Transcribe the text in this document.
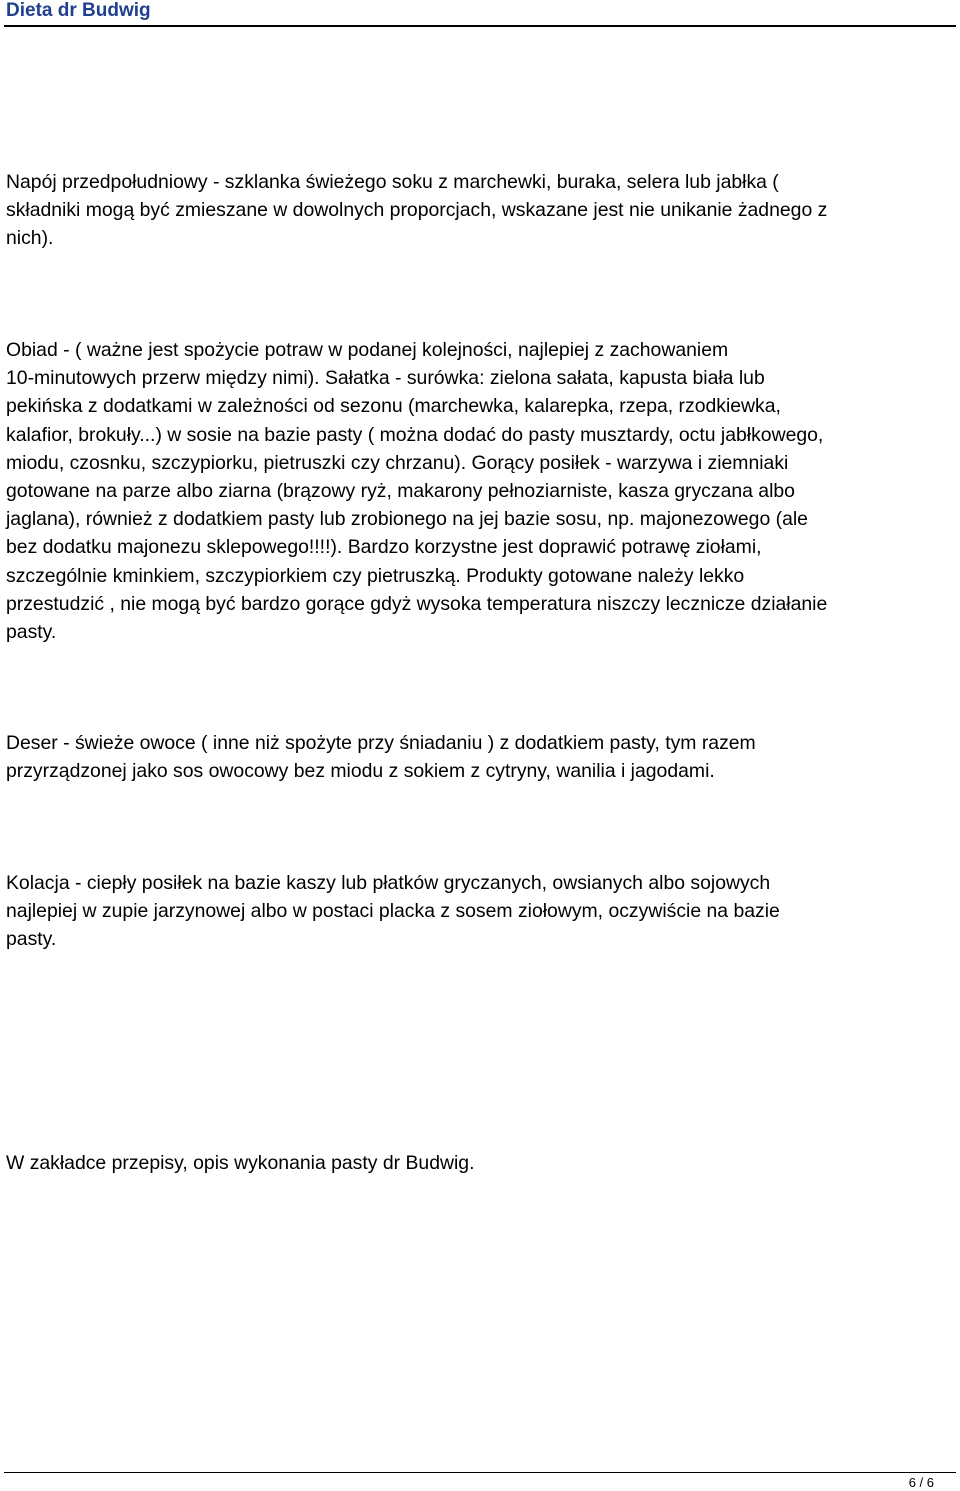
Dieta dr Budwig

Napój przedpołudniowy - szklanka świeżego soku z marchewki, buraka, selera lub jabłka (
składniki mogą być zmieszane w dowolnych proporcjach, wskazane jest nie unikanie żadnego z
nich).

Obiad - ( ważne jest spożycie potraw w podanej kolejności, najlepiej z zachowaniem
10-minutowych przerw między nimi). Sałatka - surówka: zielona sałata, kapusta biała lub
pekińska z dodatkami w zależności od sezonu (marchewka, kalarepka, rzepa, rzodkiewka,
kalafior, brokuły...) w sosie na bazie pasty ( można dodać do pasty musztardy, octu jabłkowego,
miodu, czosnku, szczypiorku, pietruszki czy chrzanu). Gorący posiłek - warzywa i ziemniaki
gotowane na parze albo ziarna (brązowy ryż, makarony pełnoziarniste, kasza gryczana albo
jaglana), również z dodatkiem pasty lub zrobionego na jej bazie sosu, np. majonezowego (ale
bez dodatku majonezu sklepowego!!!!). Bardzo korzystne jest doprawić potrawę ziołami,
szczególnie kminkiem, szczypiorkiem czy pietruszką. Produkty gotowane należy lekko
przestudzić , nie mogą być bardzo gorące gdyż wysoka temperatura niszczy lecznicze działanie
pasty.

Deser - świeże owoce ( inne niż spożyte przy śniadaniu ) z dodatkiem pasty, tym razem
przyrządzonej jako sos owocowy bez miodu z sokiem z cytryny, wanilia i jagodami.

Kolacja - ciepły posiłek na bazie kaszy lub płatków gryczanych, owsianych albo sojowych
najlepiej w zupie jarzynowej albo w postaci placka z sosem ziołowym, oczywiście na bazie
pasty.

W zakładce przepisy, opis wykonania pasty dr Budwig.

6 / 6
